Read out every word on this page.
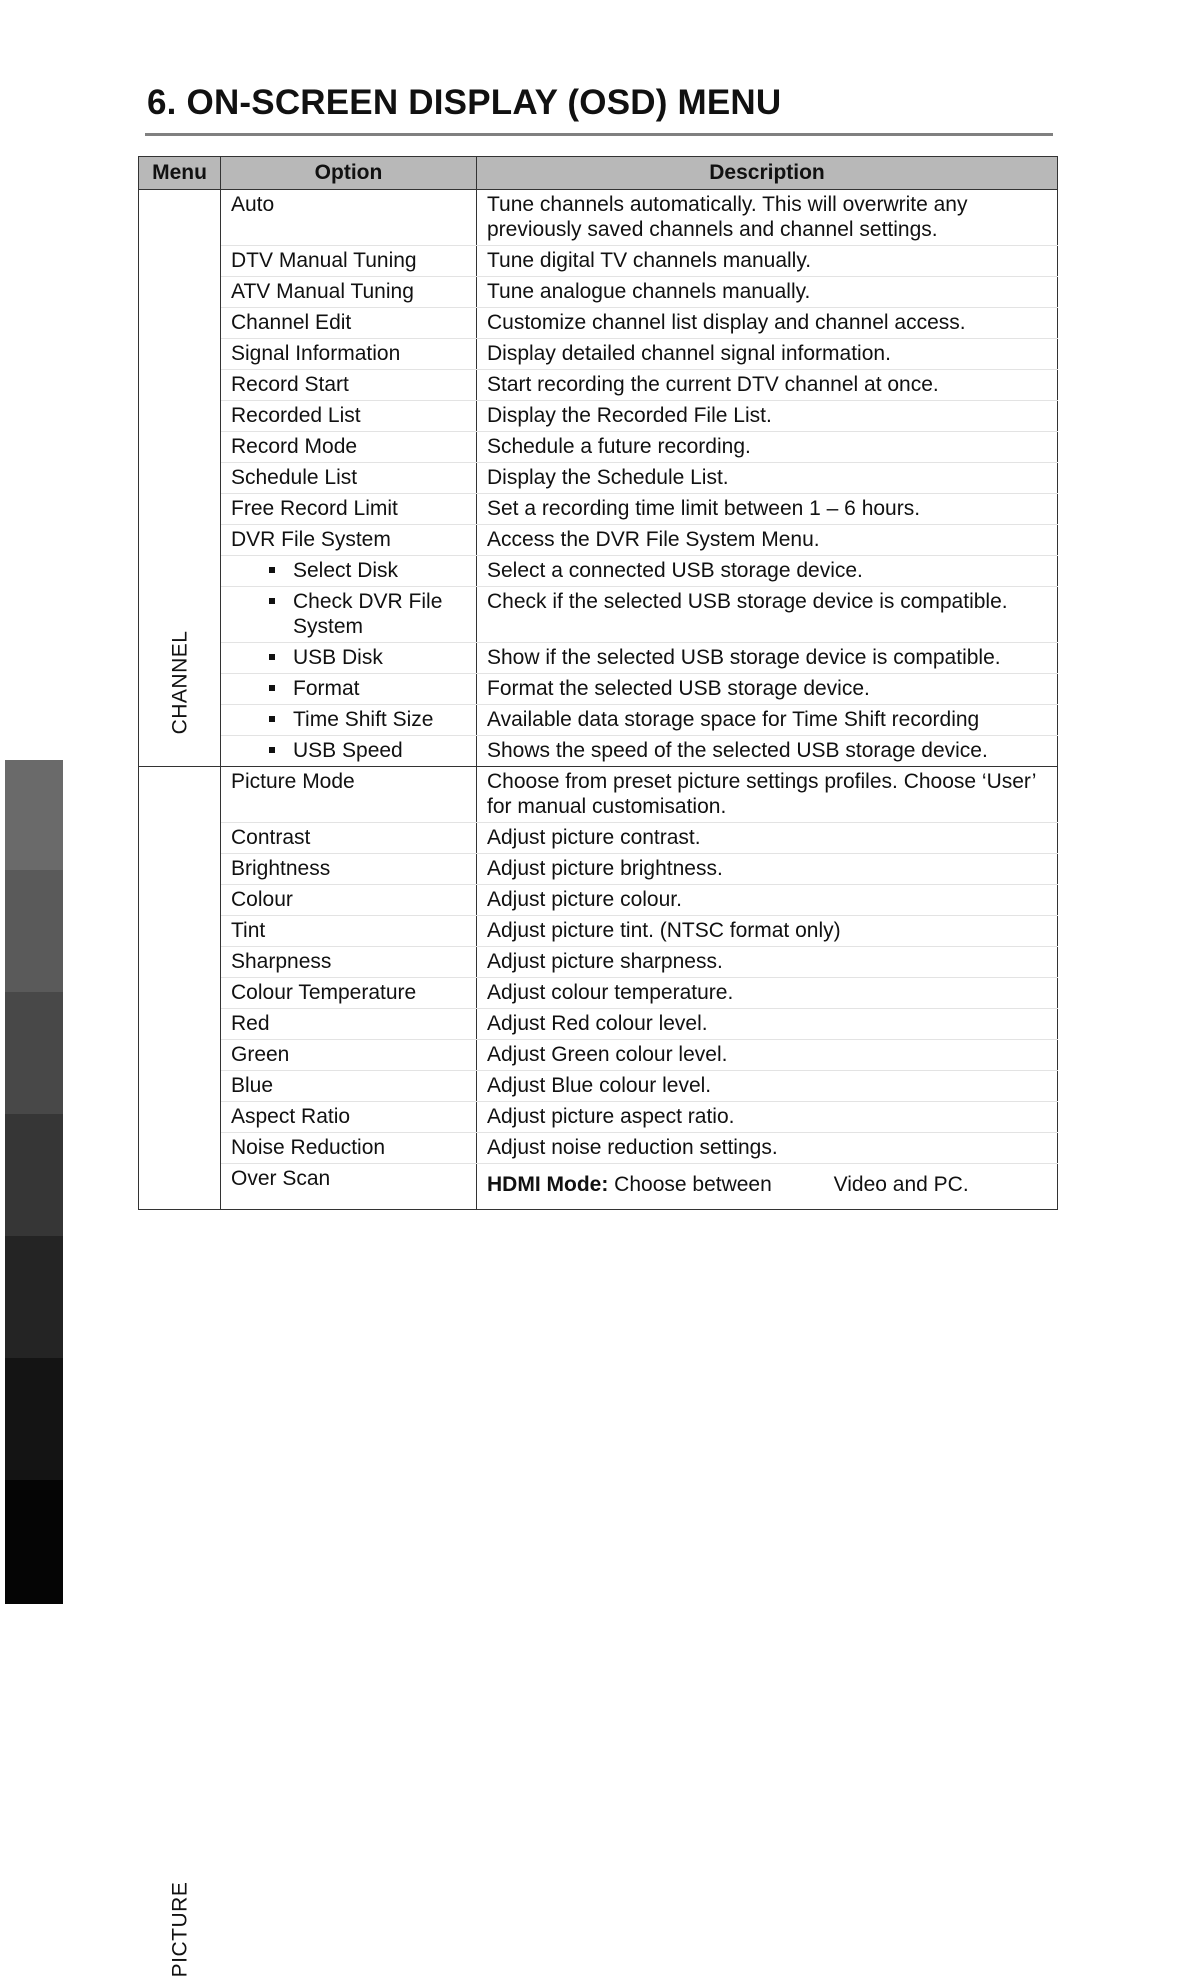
6. ON-SCREEN DISPLAY (OSD) MENU
Menu	Option	Description

CHANNEL	Auto	Tune channels automatically. This will overwrite any previously saved channels and channel settings.
	DTV Manual Tuning	Tune digital TV channels manually.
	ATV Manual Tuning	Tune analogue channels manually.
	Channel Edit	Customize channel list display and channel access.
	Signal Information	Display detailed channel signal information.
	Record Start	Start recording the current DTV channel at once.
	Recorded List	Display the Recorded File List.
	Record Mode	Schedule a future recording.
	Schedule List	Display the Schedule List.
	Free Record Limit	Set a recording time limit between 1 – 6 hours.
	DVR File System	Access the DVR File System Menu.

	Select Disk	Select a connected USB storage device.

	Check DVR File System	Check if the selected USB storage device is compatible.

	USB Disk	Show if the selected USB storage device is compatible.

	Format	Format the selected USB storage device.

	Time Shift Size	Available data storage space for Time Shift recording

	USB Speed	Shows the speed of the selected USB storage device.

PICTURE	Picture Mode	Choose from preset picture settings profiles. Choose ‘User’ for manual customisation.
	Contrast	Adjust picture contrast.
	Brightness	Adjust picture brightness.
	Colour	Adjust picture colour.
	Tint	Adjust picture tint. (NTSC format only)
	Sharpness	Adjust picture sharpness.
	Colour Temperature	Adjust colour temperature.
	Red	Adjust Red colour level.
	Green	Adjust Green colour level.
	Blue	Adjust Blue colour level.
	Aspect Ratio	Adjust picture aspect ratio.
	Noise Reduction	Adjust noise reduction settings.
	Over Scan	HDMI Mode: Choose between Video and PC.
